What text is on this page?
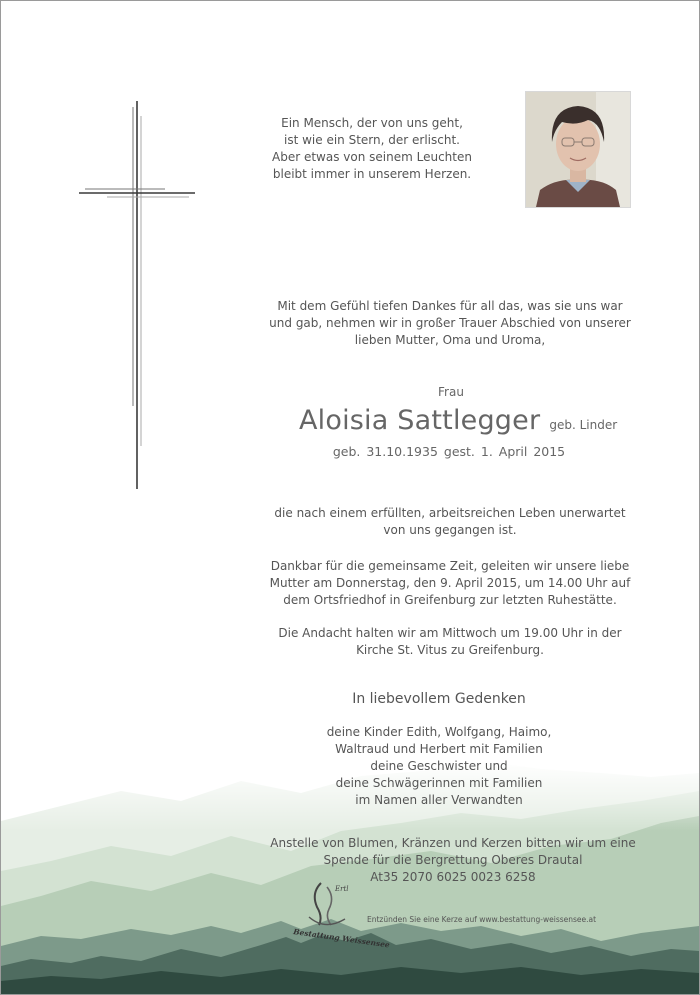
Ein Mensch, der von uns geht,
ist wie ein Stern, der erlischt.
Aber etwas von seinem Leuchten
bleibt immer in unserem Herzen.
Mit dem Gefühl tiefen Dankes für all das, was sie uns war
und gab, nehmen wir in großer Trauer Abschied von unserer
lieben Mutter, Oma und Uroma,
Frau
Aloisia Sattlegger geb. Linder
geb. 31.10.1935 gest. 1. April 2015
die nach einem erfüllten, arbeitsreichen Leben unerwartet
von uns gegangen ist.
Dankbar für die gemeinsame Zeit, geleiten wir unsere liebe
Mutter am Donnerstag, den 9. April 2015, um 14.00 Uhr auf
dem Ortsfriedhof in Greifenburg zur letzten Ruhestätte.
Die Andacht halten wir am Mittwoch um 19.00 Uhr in der
Kirche St. Vitus zu Greifenburg.
In liebevollem Gedenken
deine Kinder Edith, Wolfgang, Haimo,
Waltraud und Herbert mit Familien
deine Geschwister und
deine Schwägerinnen mit Familien
im Namen aller Verwandten
Anstelle von Blumen, Kränzen und Kerzen bitten wir um eine
Spende für die Bergrettung Oberes Drautal
At35 2070 6025 0023 6258
Ertl
Bestattung Weissensee
Entzünden Sie eine Kerze auf www.bestattung-weissensee.at
